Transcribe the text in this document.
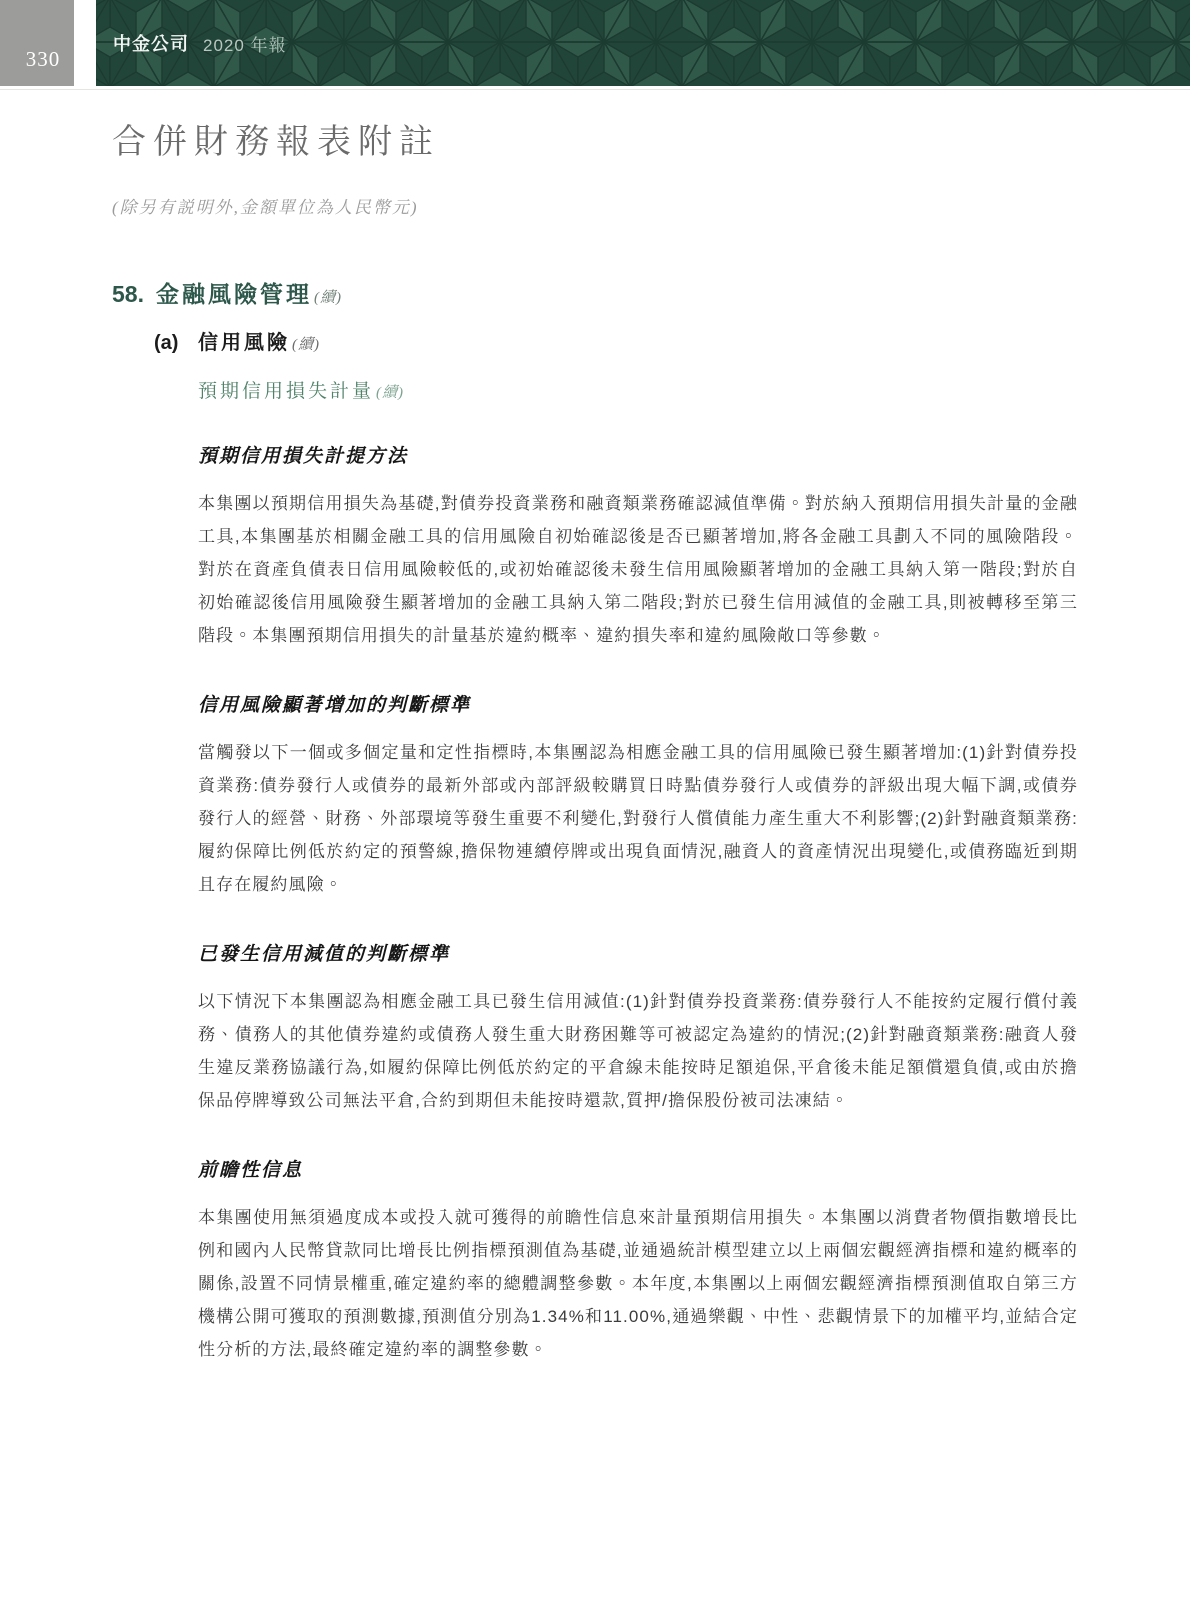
330
中金公司 2020 年報
合併財務報表附註
(除另有説明外,金額單位為人民幣元)
58. 金融風險管理 (續)
(a) 信用風險 (續)
預期信用損失計量 (續)
預期信用損失計提方法

本集團以預期信用損失為基礎,對債券投資業務和融資類業務確認減值準備。對於納入預期信用損失計量的金融工具,本集團基於相關金融工具的信用風險自初始確認後是否已顯著增加,將各金融工具劃入不同的風險階段。對於在資產負債表日信用風險較低的,或初始確認後未發生信用風險顯著增加的金融工具納入第一階段;對於自初始確認後信用風險發生顯著增加的金融工具納入第二階段;對於已發生信用減值的金融工具,則被轉移至第三階段。本集團預期信用損失的計量基於違約概率、違約損失率和違約風險敞口等參數。

信用風險顯著增加的判斷標準

當觸發以下一個或多個定量和定性指標時,本集團認為相應金融工具的信用風險已發生顯著增加:(1)針對債券投資業務:債券發行人或債券的最新外部或內部評級較購買日時點債券發行人或債券的評級出現大幅下調,或債券發行人的經營、財務、外部環境等發生重要不利變化,對發行人償債能力產生重大不利影響;(2)針對融資類業務:履約保障比例低於約定的預警線,擔保物連續停牌或出現負面情況,融資人的資產情況出現變化,或債務臨近到期且存在履約風險。

已發生信用減值的判斷標準

以下情況下本集團認為相應金融工具已發生信用減值:(1)針對債券投資業務:債券發行人不能按約定履行償付義務、債務人的其他債券違約或債務人發生重大財務困難等可被認定為違約的情況;(2)針對融資類業務:融資人發生違反業務協議行為,如履約保障比例低於約定的平倉線未能按時足額追保,平倉後未能足額償還負債,或由於擔保品停牌導致公司無法平倉,合約到期但未能按時還款,質押/擔保股份被司法凍結。

前瞻性信息

本集團使用無須過度成本或投入就可獲得的前瞻性信息來計量預期信用損失。本集團以消費者物價指數增長比例和國內人民幣貸款同比增長比例指標預測值為基礎,並通過統計模型建立以上兩個宏觀經濟指標和違約概率的關係,設置不同情景權重,確定違約率的總體調整參數。本年度,本集團以上兩個宏觀經濟指標預測值取自第三方機構公開可獲取的預測數據,預測值分別為1.34%和11.00%,通過樂觀、中性、悲觀情景下的加權平均,並結合定性分析的方法,最終確定違約率的調整參數。
